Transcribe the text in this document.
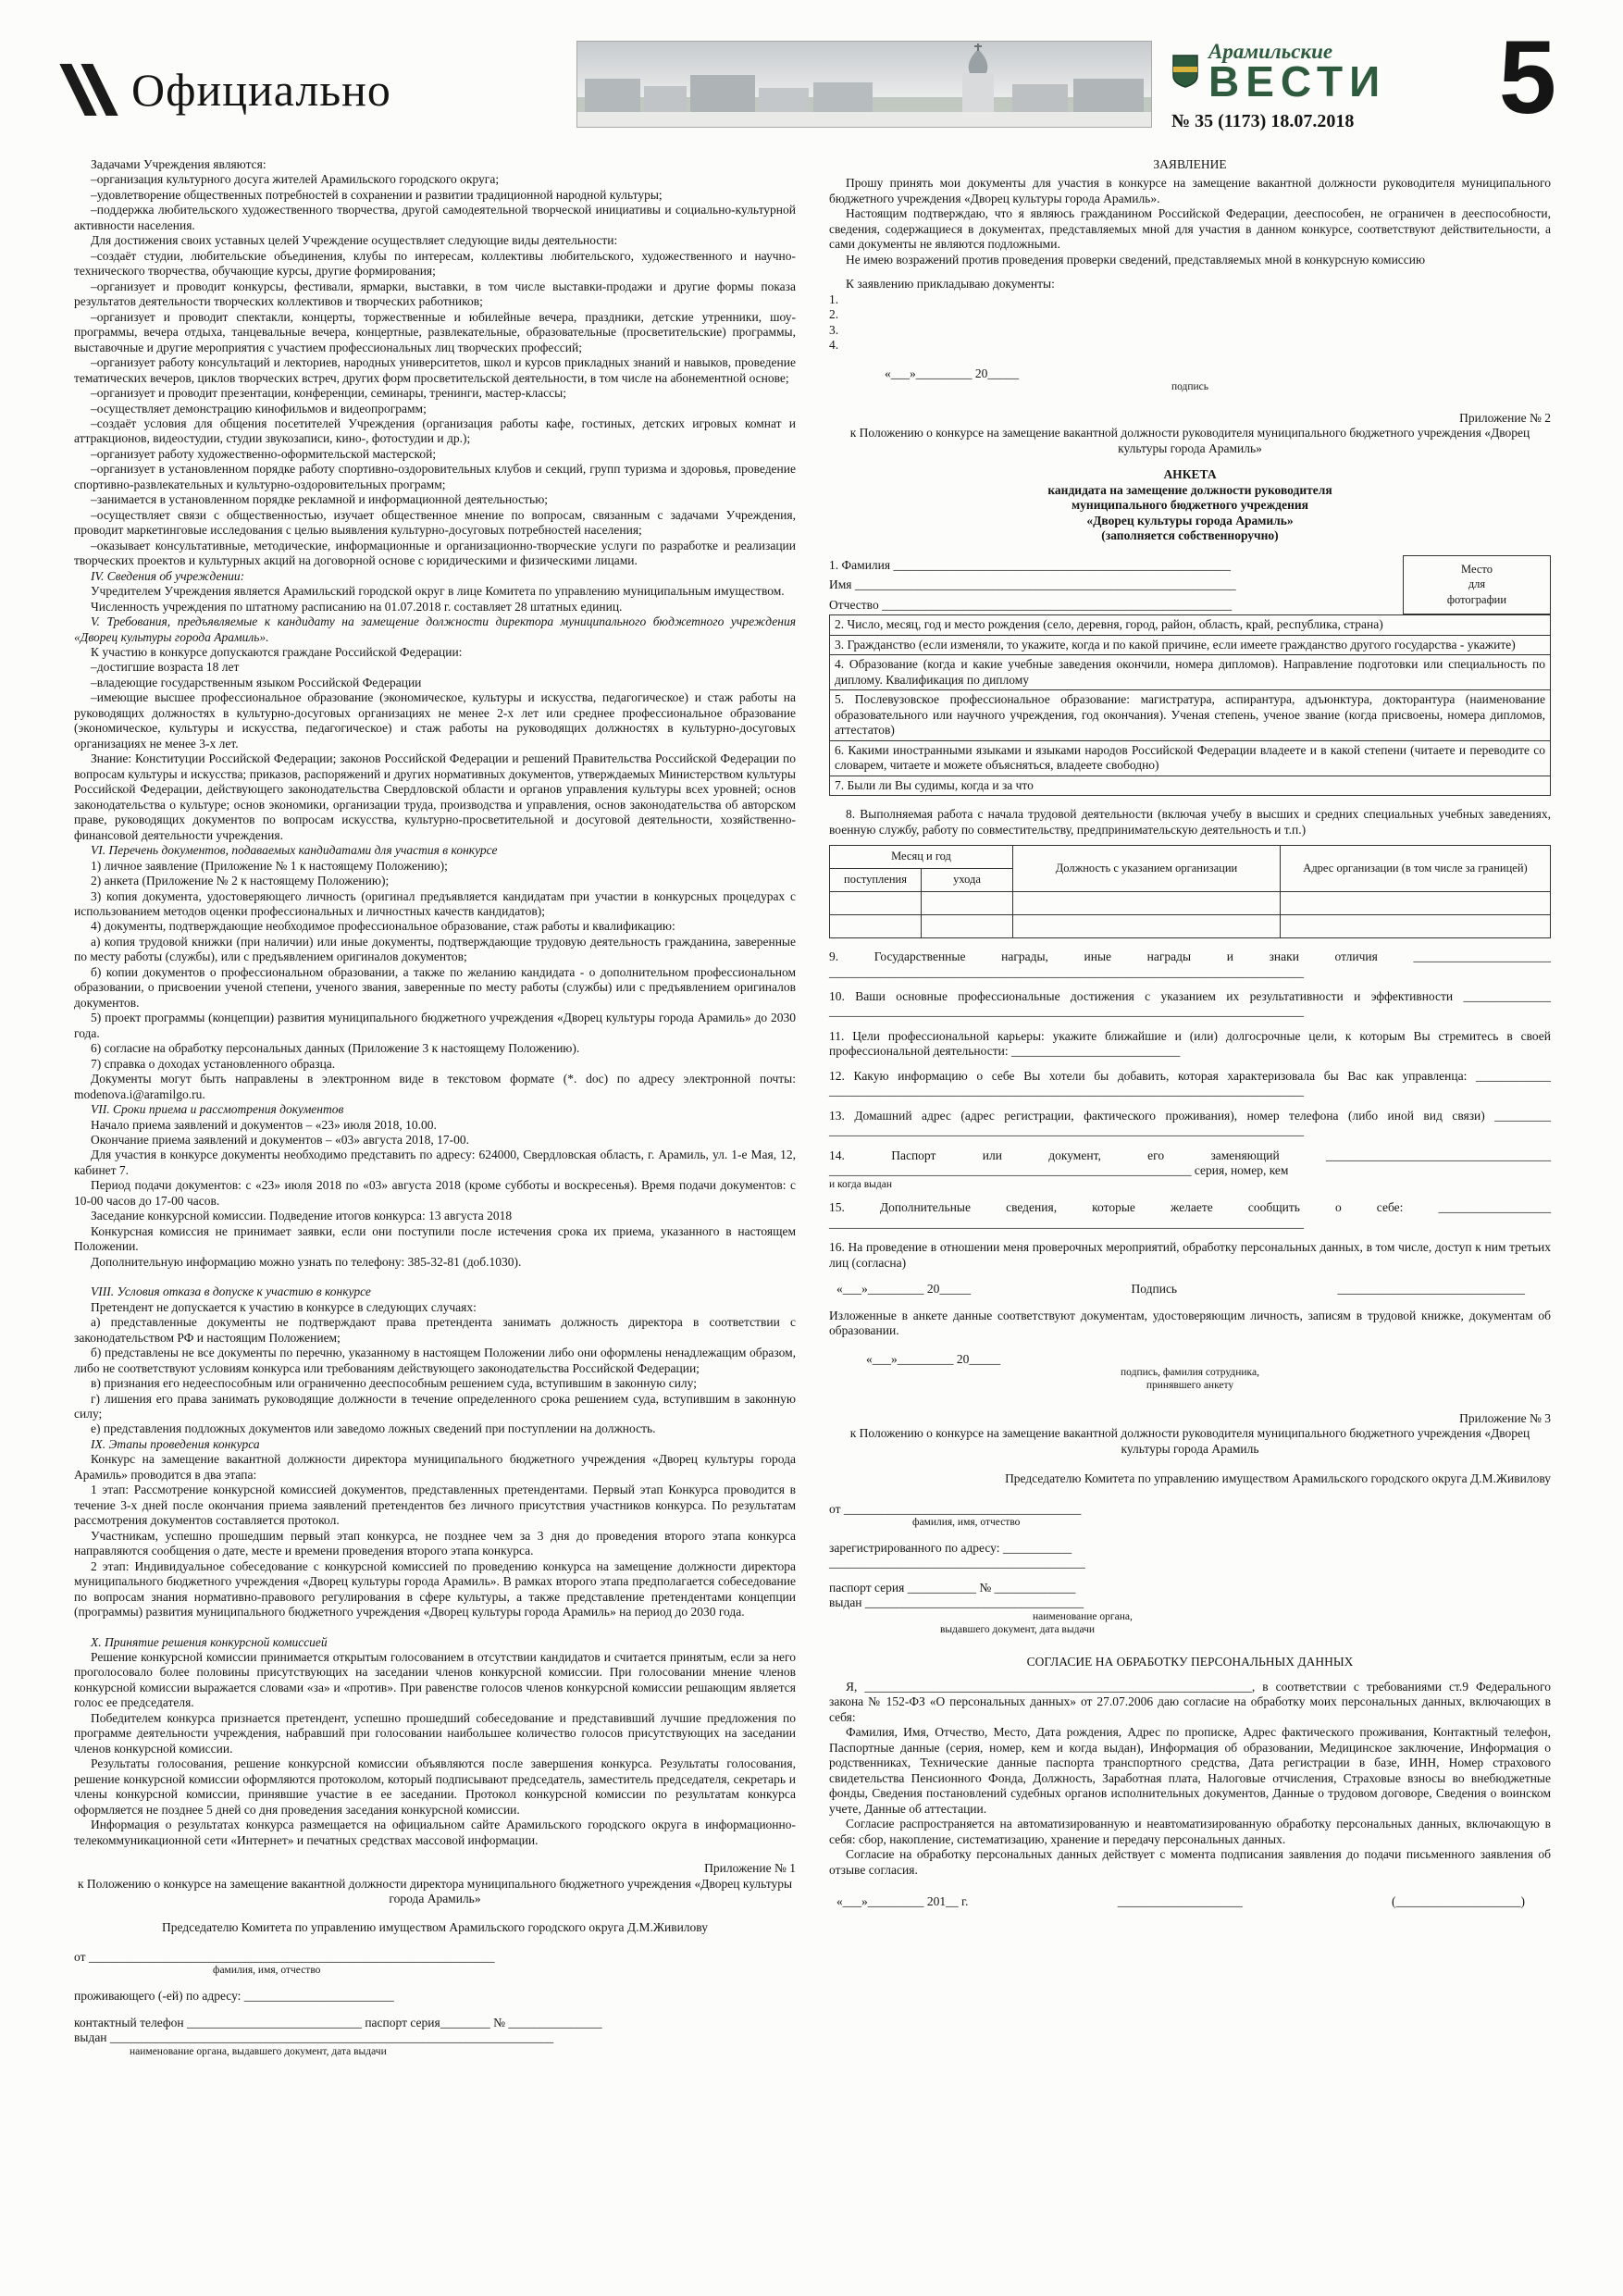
Официально
Арамильские
ВЕСТИ
№ 35 (1173) 18.07.2018	5

Задачами Учреждения являются:

–организация культурного досуга жителей Арамильского городского округа;

–удовлетворение общественных потребностей в сохранении и развитии традиционной народной культуры;

–поддержка любительского художественного творчества, другой самодеятельной творческой инициативы и социально-культурной активности населения.

Для достижения своих уставных целей Учреждение осуществляет следующие виды деятельности:

–создаёт студии, любительские объединения, клубы по интересам, коллективы любительского, художественного и научно-технического творчества, обучающие курсы, другие формирования;

–организует и проводит конкурсы, фестивали, ярмарки, выставки, в том числе выставки-продажи и другие формы показа результатов деятельности творческих коллективов и творческих работников;

–организует и проводит спектакли, концерты, торжественные и юбилейные вечера, праздники, детские утренники, шоу-программы, вечера отдыха, танцевальные вечера, концертные, развлекательные, образовательные (просветительские) программы, выставочные и другие мероприятия с участием профессиональных лиц творческих профессий;

–организует работу консультаций и лекториев, народных университетов, школ и курсов прикладных знаний и навыков, проведение тематических вечеров, циклов творческих встреч, других форм просветительской деятельности, в том числе на абонементной основе;

–организует и проводит презентации, конференции, семинары, тренинги, мастер-классы;

–осуществляет демонстрацию кинофильмов и видеопрограмм;

–создаёт условия для общения посетителей Учреждения (организация работы кафе, гостиных, детских игровых комнат и аттракционов, видеостудии, студии звукозаписи, кино-, фотостудии и др.);

–организует работу художественно-оформительской мастерской;

–организует в установленном порядке работу спортивно-оздоровительных клубов и секций, групп туризма и здоровья, проведение спортивно-развлекательных и культурно-оздоровительных программ;

–занимается в установленном порядке рекламной и информационной деятельностью;

–осуществляет связи с общественностью, изучает общественное мнение по вопросам, связанным с задачами Учреждения, проводит маркетинговые исследования с целью выявления культурно-досуговых потребностей населения;

–оказывает консультативные, методические, информационные и организационно-творческие услуги по разработке и реализации творческих проектов и культурных акций на договорной основе с юридическими и физическими лицами.

IV. Сведения об учреждении:

Учредителем Учреждения является Арамильский городской округ в лице Комитета по управлению муниципальным имуществом.

Численность учреждения по штатному расписанию на 01.07.2018 г. составляет 28 штатных единиц.

V. Требования, предъявляемые к кандидату на замещение должности директора муниципального бюджетного учреждения «Дворец культуры города Арамиль».

К участию в конкурсе допускаются граждане Российской Федерации:

–достигшие возраста 18 лет

–владеющие государственным языком Российской Федерации

–имеющие высшее профессиональное образование (экономическое, культуры и искусства, педагогическое) и стаж работы на руководящих должностях в культурно-досуговых организациях не менее 2-х лет или среднее профессиональное образование (экономическое, культуры и искусства, педагогическое) и стаж работы на руководящих должностях в культурно-досуговых организациях не менее 3-х лет.

Знание: Конституции Российской Федерации; законов Российской Федерации и решений Правительства Российской Федерации по вопросам культуры и искусства; приказов, распоряжений и других нормативных документов, утверждаемых Министерством культуры Российской Федерации, действующего законодательства Свердловской области и органов управления культуры всех уровней; основ законодательства о культуре; основ экономики, организации труда, производства и управления, основ законодательства об авторском праве, руководящих документов по вопросам искусства, культурно-просветительной и досуговой деятельности, хозяйственно-финансовой деятельности учреждения.

VI. Перечень документов, подаваемых кандидатами для участия в конкурсе

1) личное заявление (Приложение № 1 к настоящему Положению);

2) анкета (Приложение № 2 к настоящему Положению);

3) копия документа, удостоверяющего личность (оригинал предъявляется кандидатам при участии в конкурсных процедурах с использованием методов оценки профессиональных и личностных качеств кандидатов);

4) документы, подтверждающие необходимое профессиональное образование, стаж работы и квалификацию:

а) копия трудовой книжки (при наличии) или иные документы, подтверждающие трудовую деятельность гражданина, заверенные по месту работы (службы), или с предъявлением оригиналов документов;

б) копии документов о профессиональном образовании, а также по желанию кандидата - о дополнительном профессиональном образовании, о присвоении ученой степени, ученого звания, заверенные по месту работы (службы) или с предъявлением оригиналов документов.

5) проект программы (концепции) развития муниципального бюджетного учреждения «Дворец культуры города Арамиль» до 2030 года.

6) согласие на обработку персональных данных (Приложение 3 к настоящему Положению).

7) справка о доходах установленного образца.

Документы могут быть направлены в электронном виде в текстовом формате (*. doc) по адресу электронной почты: modenova.i@aramilgo.ru.

VII. Сроки приема и рассмотрения документов

Начало приема заявлений и документов – «23» июля 2018, 10.00.

Окончание приема заявлений и документов – «03» августа 2018, 17-00.

Для участия в конкурсе документы необходимо представить по адресу: 624000, Свердловская область, г. Арамиль, ул. 1-е Мая, 12, кабинет 7.

Период подачи документов: с «23» июля 2018 по «03» августа 2018 (кроме субботы и воскресенья). Время подачи документов: с 10-00 часов до 17-00 часов.

Заседание конкурсной комиссии. Подведение итогов конкурса: 13 августа 2018

Конкурсная комиссия не принимает заявки, если они поступили после истечения срока их приема, указанного в настоящем Положении.

Дополнительную информацию можно узнать по телефону: 385-32-81 (доб.1030).

VIII. Условия отказа в допуске к участию в конкурсе

Претендент не допускается к участию в конкурсе в следующих случаях:

а) представленные документы не подтверждают права претендента занимать должность директора в соответствии с законодательством РФ и настоящим Положением;

б) представлены не все документы по перечню, указанному в настоящем Положении либо они оформлены ненадлежащим образом, либо не соответствуют условиям конкурса или требованиям действующего законодательства Российской Федерации;

в) признания его недееспособным или ограниченно дееспособным решением суда, вступившим в законную силу;

г) лишения его права занимать руководящие должности в течение определенного срока решением суда, вступившим в законную силу;

е) представления подложных документов или заведомо ложных сведений при поступлении на должность.

IX. Этапы проведения конкурса

Конкурс на замещение вакантной должности директора муниципального бюджетного учреждения «Дворец культуры города Арамиль» проводится в два этапа:

1 этап: Рассмотрение конкурсной комиссией документов, представленных претендентами. Первый этап Конкурса проводится в течение 3-х дней после окончания приема заявлений претендентов без личного присутствия участников конкурса. По результатам рассмотрения документов составляется протокол.

Участникам, успешно прошедшим первый этап конкурса, не позднее чем за 3 дня до проведения второго этапа конкурса направляются сообщения о дате, месте и времени проведения второго этапа конкурса.

2 этап: Индивидуальное собеседование с конкурсной комиссией по проведению конкурса на замещение должности директора муниципального бюджетного учреждения «Дворец культуры города Арамиль». В рамках второго этапа предполагается собеседование по вопросам знания нормативно-правового регулирования в сфере культуры, а также представление претендентами концепции (программы) развития муниципального бюджетного учреждения «Дворец культуры города Арамиль» на период до 2030 года.

X. Принятие решения конкурсной комиссией

Решение конкурсной комиссии принимается открытым голосованием в отсутствии кандидатов и считается принятым, если за него проголосовало более половины присутствующих на заседании членов конкурсной комиссии. При голосовании мнение членов конкурсной комиссии выражается словами «за» и «против». При равенстве голосов членов конкурсной комиссии решающим является голос ее председателя.

Победителем конкурса признается претендент, успешно прошедший собеседование и представивший лучшие предложения по программе деятельности учреждения, набравший при голосовании наибольшее количество голосов присутствующих на заседании членов конкурсной комиссии.

Результаты голосования, решение конкурсной комиссии объявляются после завершения конкурса. Результаты голосования, решение конкурсной комиссии оформляются протоколом, который подписывают председатель, заместитель председателя, секретарь и члены конкурсной комиссии, принявшие участие в ее заседании. Протокол конкурсной комиссии по результатам конкурса оформляется не позднее 5 дней со дня проведения заседания конкурсной комиссии.

Информация о результатах конкурса размещается на официальном сайте Арамильского городского округа в информационно-телекоммуникационной сети «Интернет» и печатных средствах массовой информации.

Приложение № 1

к Положению о конкурсе на замещение вакантной должности директора муниципального бюджетного учреждения «Дворец культуры города Арамиль»

Председателю Комитета по управлению имуществом Арамильского городского округа Д.М.Живилову

от _________________________________________________________________

фамилия, имя, отчество

проживающего (-ей) по адресу: ________________________

контактный телефон ____________________________ паспорт серия________ № _______________

выдан _______________________________________________________________________

наименование органа, выдавшего документ, дата выдачи

ЗАЯВЛЕНИЕ

Прошу принять мои документы для участия в конкурсе на замещение вакантной должности руководителя муниципального бюджетного учреждения «Дворец культуры города Арамиль».

Настоящим подтверждаю, что я являюсь гражданином Российской Федерации, дееспособен, не ограничен в дееспособности, сведения, содержащиеся в документах, представляемых мной для участия в данном конкурсе, соответствуют действительности, а сами документы не являются подложными.

Не имею возражений против проведения проверки сведений, представляемых мной в конкурсную комиссию

К заявлению прикладываю документы:

1.

2.

3.

4.

«___»_________ 20_____

подпись

Приложение № 2

к Положению о конкурсе на замещение вакантной должности руководителя муниципального бюджетного учреждения «Дворец культуры города Арамиль»

АНКЕТА

кандидата на замещение должности руководителя

муниципального бюджетного учреждения

«Дворец культуры города Арамиль»

(заполняется собственноручно)

1. Фамилия ______________________________________________________
Имя _____________________________________________________________
Отчество ________________________________________________________
Место
для
фотографии
2. Число, месяц, год и место рождения (село, деревня, город, район, область, край, республика, страна)
3. Гражданство (если изменяли, то укажите, когда и по какой причине, если имеете гражданство другого государства - укажите)
4. Образование (когда и какие учебные заведения окончили, номера дипломов). Направление подготовки или специальность по диплому. Квалификация по диплому
5. Послевузовское профессиональное образование: магистратура, аспирантура, адъюнктура, докторантура (наименование образовательного или научного учреждения, год окончания). Ученая степень, ученое звание (когда присвоены, номера дипломов, аттестатов)
6. Какими иностранными языками и языками народов Российской Федерации владеете и в какой степени (читаете и переводите со словарем, читаете и можете объясняться, владеете свободно)
7. Были ли Вы судимы, когда и за что

8. Выполняемая работа с начала трудовой деятельности (включая учебу в высших и средних специальных учебных заведениях, военную службу, работу по совместительству, предпринимательскую деятельность и т.п.)

Месяц и год		Должность с указанием организации	Адрес организации (в том числе за границей)
поступления	ухода		

9. Государственные награды, иные награды и знаки отличия ______________________ ____________________________________________________________________________

10. Ваши основные профессиональные достижения с указанием их результативности и эффективности ______________ ____________________________________________________________________________

11. Цели профессиональной карьеры: укажите ближайшие и (или) долгосрочные цели, к которым Вы стремитесь в своей профессиональной деятельности: ___________________________

12. Какую информацию о себе Вы хотели бы добавить, которая характеризовала бы Вас как управленца: ____________ ____________________________________________________________________________

13. Домашний адрес (адрес регистрации, фактического проживания), номер телефона (либо иной вид связи) _________ ____________________________________________________________________________

14. Паспорт или документ, его заменяющий ____________________________________ __________________________________________________________ серия, номер, кем

и когда выдан

15. Дополнительные сведения, которые желаете сообщить о себе: __________________ ____________________________________________________________________________

16. На проведение в отношении меня проверочных мероприятий, обработку персональных данных, в том числе, доступ к ним третьих лиц (согласна)

«___»_________ 20_____	Подпись	______________________________

Изложенные в анкете данные соответствуют документам, удостоверяющим личность, записям в трудовой книжке, документам об образовании.

«___»_________ 20_____

подпись, фамилия сотрудника,

принявшего анкету

Приложение № 3

к Положению о конкурсе на замещение вакантной должности руководителя муниципального бюджетного учреждения «Дворец культуры города Арамиль

Председателю Комитета по управлению имуществом Арамильского городского округа Д.М.Живилову

от ______________________________________

фамилия, имя, отчество

зарегистрированного по адресу: ___________

_________________________________________

паспорт серия ___________ № _____________

выдан ___________________________________

наименование органа,

выдавшего документ, дата выдачи

СОГЛАСИЕ НА ОБРАБОТКУ ПЕРСОНАЛЬНЫХ ДАННЫХ

Я, ______________________________________________________________, в соответствии с требованиями ст.9 Федерального закона № 152-ФЗ «О персональных данных» от 27.07.2006 даю согласие на обработку моих персональных данных, включающих в себя:

Фамилия, Имя, Отчество, Место, Дата рождения, Адрес по прописке, Адрес фактического проживания, Контактный телефон, Паспортные данные (серия, номер, кем и когда выдан), Информация об образовании, Медицинское заключение, Информация о родственниках, Технические данные паспорта транспортного средства, Дата регистрации в базе, ИНН, Номер страхового свидетельства Пенсионного Фонда, Должность, Заработная плата, Налоговые отчисления, Страховые взносы во внебюджетные фонды, Сведения постановлений судебных органов исполнительных документов, Данные о трудовом договоре, Сведения о воинском учете, Данные об аттестации.

Согласие распространяется на автоматизированную и неавтоматизированную обработку персональных данных, включающую в себя: сбор, накопление, систематизацию, хранение и передачу персональных данных.

Согласие на обработку персональных данных действует с момента подписания заявления до подачи письменного заявления об отзыве согласия.

«___»_________ 201__ г.	____________________	(____________________)
